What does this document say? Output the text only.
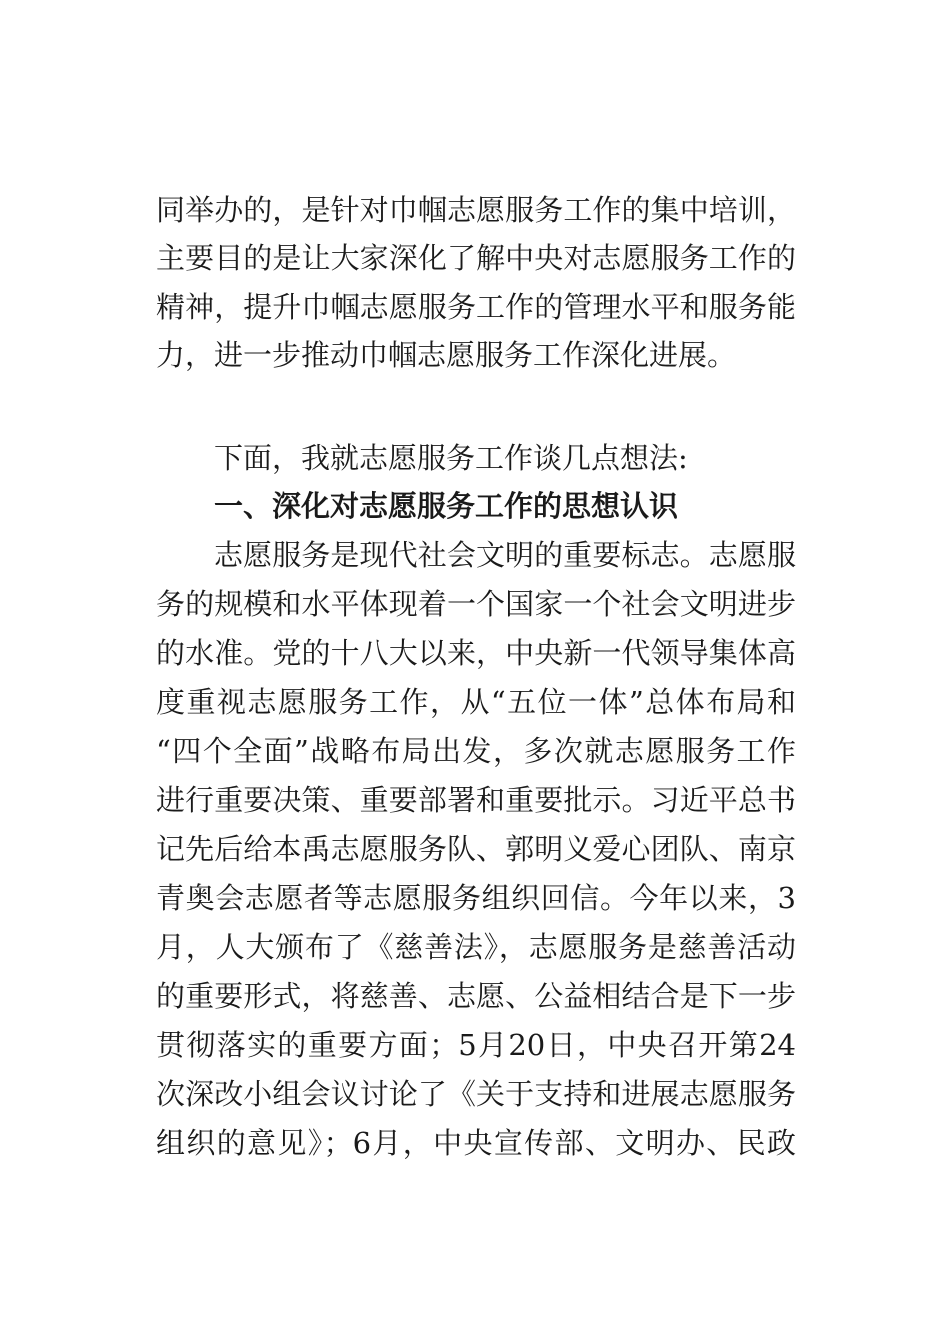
同举办的，是针对巾帼志愿服务工作的集中培训，
主要目的是让大家深化了解中央对志愿服务工作的
精神，提升巾帼志愿服务工作的管理水平和服务能
力，进一步推动巾帼志愿服务工作深化进展。
下面，我就志愿服务工作谈几点想法:
一、深化对志愿服务工作的思想认识
志愿服务是现代社会文明的重要标志。志愿服
务的规模和水平体现着一个国家一个社会文明进步
的水准。党的十八大以来，中央新一代领导集体高
度重视志愿服务工作，从“五位一体”总体布局和
“四个全面”战略布局出发，多次就志愿服务工作
进行重要决策、重要部署和重要批示。习近平总书
记先后给本禹志愿服务队、郭明义爱心团队、南京
青奥会志愿者等志愿服务组织回信。今年以来，3
月，人大颁布了《慈善法》，志愿服务是慈善活动
的重要形式，将慈善、志愿、公益相结合是下一步
贯彻落实的重要方面；5月20日，中央召开第24
次深改小组会议讨论了《关于支持和进展志愿服务
组织的意见》；6月，中央宣传部、文明办、民政
